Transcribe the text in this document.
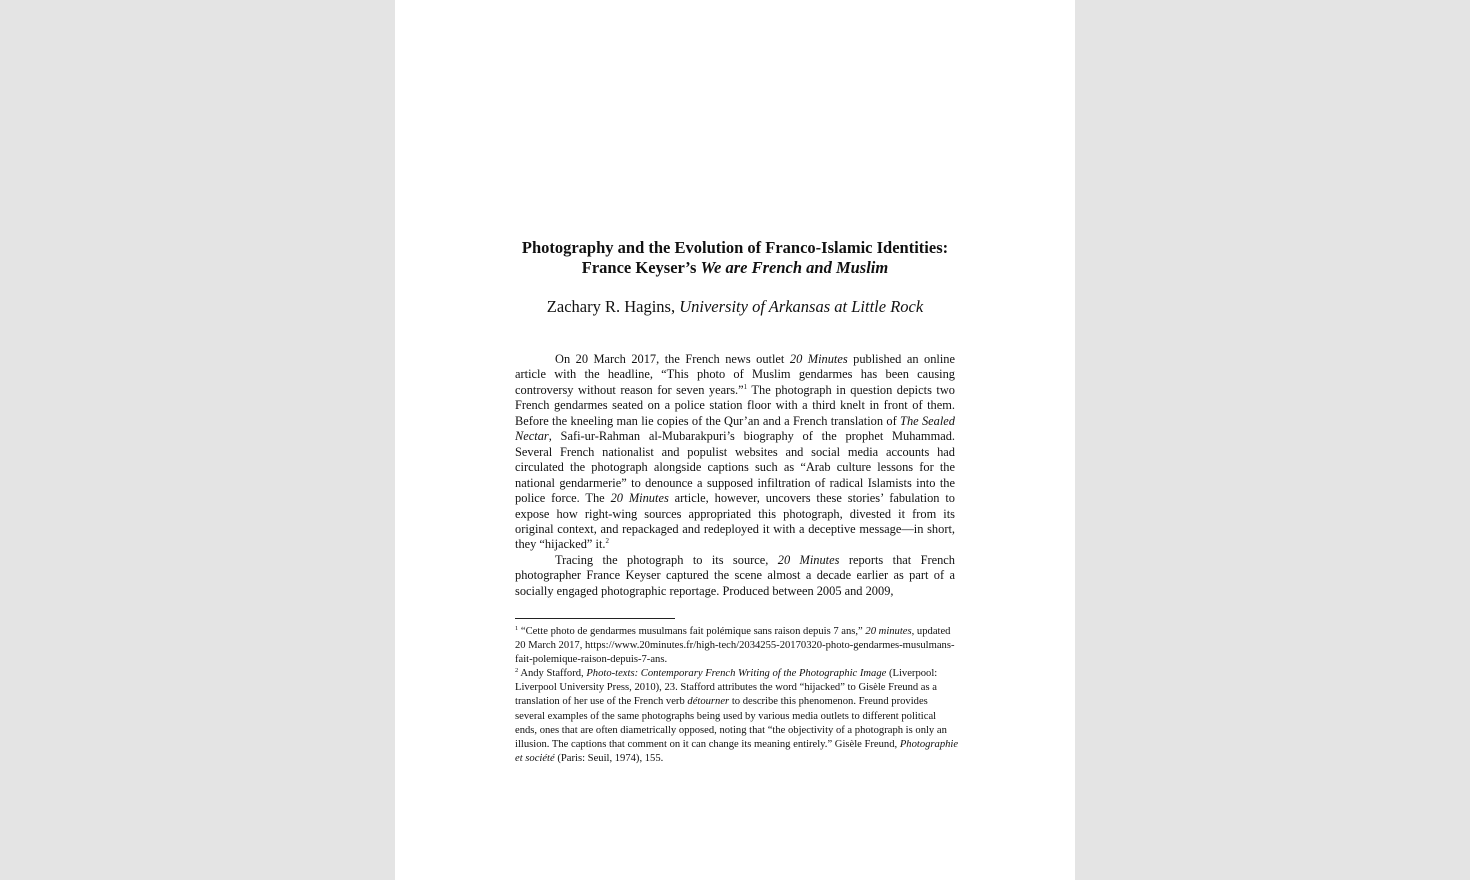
Photography and the Evolution of Franco-Islamic Identities:
France Keyser’s We are French and Muslim
Zachary R. Hagins, University of Arkansas at Little Rock

On 20 March 2017, the French news outlet 20 Minutes published an online article with the headline, “This photo of Muslim gendarmes has been causing controversy without reason for seven years.”$^1$ The photograph in question depicts two French gendarmes seated on a police station floor with a third knelt in front of them. Before the kneeling man lie copies of the Qur’an and a French translation of The Sealed Nectar, Safi-ur-Rahman al-Mubarakpuri’s biography of the prophet Muhammad. Several French nationalist and populist websites and social media accounts had circulated the photograph alongside captions such as “Arab culture lessons for the national gendarmerie” to denounce a supposed infiltration of radical Islamists into the police force. The 20 Minutes article, however, uncovers these stories’ fabulation to expose how right-wing sources appropriated this photograph, divested it from its original context, and repackaged and redeployed it with a deceptive message—in short, they “hijacked” it.$^2$

Tracing the photograph to its source, 20 Minutes reports that French photographer France Keyser captured the scene almost a decade earlier as part of a socially engaged photographic reportage. Produced between 2005 and 2009,

$^1$ “Cette photo de gendarmes musulmans fait polémique sans raison depuis 7 ans,” 20 minutes, updated 20 March 2017, https://www.20minutes.fr/high-tech/2034255-20170320-photo-gendarmes-musulmans-fait-polemique-raison-depuis-7-ans.

$^2$ Andy Stafford, Photo-texts: Contemporary French Writing of the Photographic Image (Liverpool: Liverpool University Press, 2010), 23. Stafford attributes the word “hijacked” to Gisèle Freund as a translation of her use of the French verb détourner to describe this phenomenon. Freund provides several examples of the same photographs being used by various media outlets to different political ends, ones that are often diametrically opposed, noting that “the objectivity of a photograph is only an illusion. The captions that comment on it can change its meaning entirely.” Gisèle Freund, Photographie et société (Paris: Seuil, 1974), 155.
